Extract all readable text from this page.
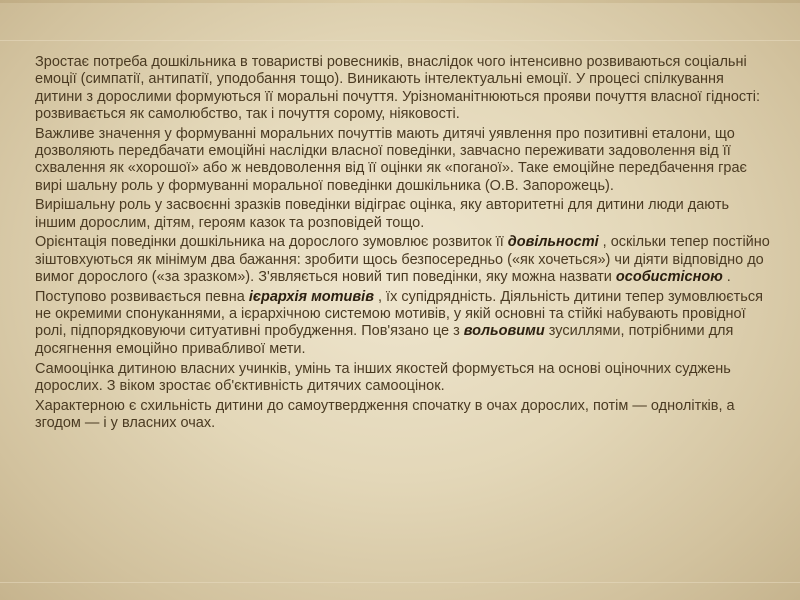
Зростає потреба дошкільника в товаристві ровесників, внаслідок чого інтенсивно розвиваються соціальні емоції (симпатії, антипатії, уподобання тощо). Виникають інтелектуальні емоції. У процесі спілкування дитини з дорослими формуються її моральні почуття. Урізноманітнюються прояви почуття власної гідності: розвивається як самолюбство, так і почуття сорому, ніяковості.

Важливе значення у формуванні моральних почуттів мають дитячі уявлення про позитивні еталони, що дозволяють передбачати емоційні наслідки власної поведінки, завчасно переживати задоволення від її схвалення як «хорошої» або ж невдоволення від її оцінки як «поганої». Таке емоційне передбачення грає вирі шальну роль у формуванні моральної поведінки дошкільника (О.В. Запорожець).

Вирішальну роль у засвоєнні зразків поведінки відіграє оцінка, яку авторитетні для дитини люди дають іншим дорослим, дітям, героям казок та розповідей тощо.

Орієнтація поведінки дошкільника на дорослого зумовлює розвиток її довільності , оскільки тепер постійно зіштовхуються як мінімум два бажання: зробити щось безпосередньо («як хочеться») чи діяти відповідно до вимог дорослого («за зразком»). З'являється новий тип поведінки, яку можна назвати особистісною .

Поступово розвивається певна ієрархія мотивів , їх супідрядність. Діяльність дитини тепер зумовлюється не окремими спонуканнями, а ієрархічною системою мотивів, у якій основні та стійкі набувають провідної ролі, підпорядковуючи ситуативні пробудження. Пов'язано це з вольовими зусиллями, потрібними для досягнення емоційно привабливої мети.

Самооцінка дитиною власних учинків, умінь та інших якостей формується на основі оціночних суджень дорослих. З віком зростає об'єктивність дитячих самооцінок.

Характерною є схильність дитини до самоутвердження спочатку в очах дорослих, потім — однолітків, а згодом — і у власних очах.
